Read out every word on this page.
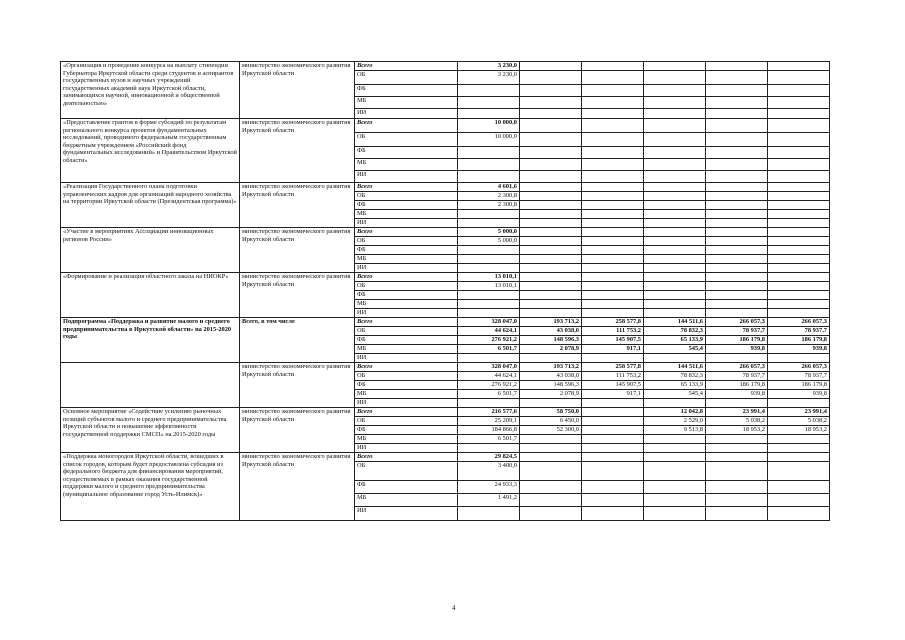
«Организация и проведение конкурса на выплату стипендии Губернатора Иркутской области среди студентов и аспирантов государственных вузов и научных учреждений государственных академий наук Иркутской области, занимающихся научной, инновационной и общественной деятельностью»	министерство экономического развития Иркутской области	Всего	3 230,0					
		ОБ	3 230,0					
		ФБ						
		МБ						
		ИИ						
«Предоставление грантов в форме субсидий по результатам регионального конкурса проектов фундаментальных исследований, проводимого федеральным государственным бюджетным учреждением «Российский фонд фундаментальных исследований» и Правительством Иркутской области»	министерство экономического развития Иркутской области	Всего	10 000,0					
		ОБ	10 000,0					
		ФБ						
		МБ						
		ИИ						
«Реализация Государственного плана подготовки управленческих кадров для организаций народного хозяйства на территории Иркутской области (Президентская программа)»	министерство экономического развития Иркутской области	Всего	4 601,6					
		ОБ	2 300,8					
		ФБ	2 300,8					
		МБ						
		ИИ						
«Участие в мероприятиях Ассоциации инновационных регионов России»	министерство экономического развития Иркутской области	Всего	5 000,0					
		ОБ	5 000,0					
		ФБ						
		МБ						
		ИИ						
«Формирование и реализация областного заказа на НИОКР»	министерство экономического развития Иркутской области	Всего	13 010,1					
		ОБ	13 010,1					
		ФБ						
		МБ						
		ИИ						
Подпрограмма «Поддержка и развитие малого и среднего предпринимательства в Иркутской области» на 2015-2020 годы	Всего, в том числе	Всего	328 047,0	193 713,2	258 577,8	144 511,6	266 057,3	266 057,3
		ОБ	44 624,1	43 038,0	111 753,2	78 832,3	78 937,7	78 937,7
		ФБ	276 921,2	148 596,3	145 907,5	65 133,9	186 179,8	186 179,8
		МБ	6 501,7	2 078,9	917,1	545,4	939,8	939,8
		ИИ						
	министерство экономического развития Иркутской области	Всего	328 047,0	193 713,2	258 577,8	144 511,6	266 057,3	266 057,3
		ОБ	44 624,1	43 038,0	111 753,2	78 832,3	78 937,7	78 937,7
		ФБ	276 921,2	148 596,3	145 907,5	65 133,9	186 179,8	186 179,8
		МБ	6 501,7	2 078,9	917,1	545,4	939,8	939,8
		ИИ						
Основное мероприятие «Содействие усилению рыночных позиций субъектов малого и среднего предпринимательства Иркутской области и повышение эффективности государственной поддержки СМСП» на 2015-2020 годы	министерство экономического развития Иркутской области	Всего	216 577,6	58 750,0		12 042,8	23 991,4	23 991,4
		ОБ	25 209,1	6 450,0		2 529,0	5 038,2	5 038,2
		ФБ	184 866,8	52 300,0		9 513,8	18 953,2	18 953,2
		МБ	6 501,7					
		ИИ						
«Поддержка моногородов Иркутской области, вошедших в список городов, которым будет предоставлена субсидия из федерального бюджета для финансирования мероприятий, осуществляемых в рамках оказания государственной поддержки малого и среднего предпринимательства (муниципальное образование город Усть-Илимск)»	министерство экономического развития Иркутской области	Всего	29 824,5					
		ОБ	3 400,0					
		ФБ	24 933,3					
		МБ	1 491,2					
		ИИ						
4
